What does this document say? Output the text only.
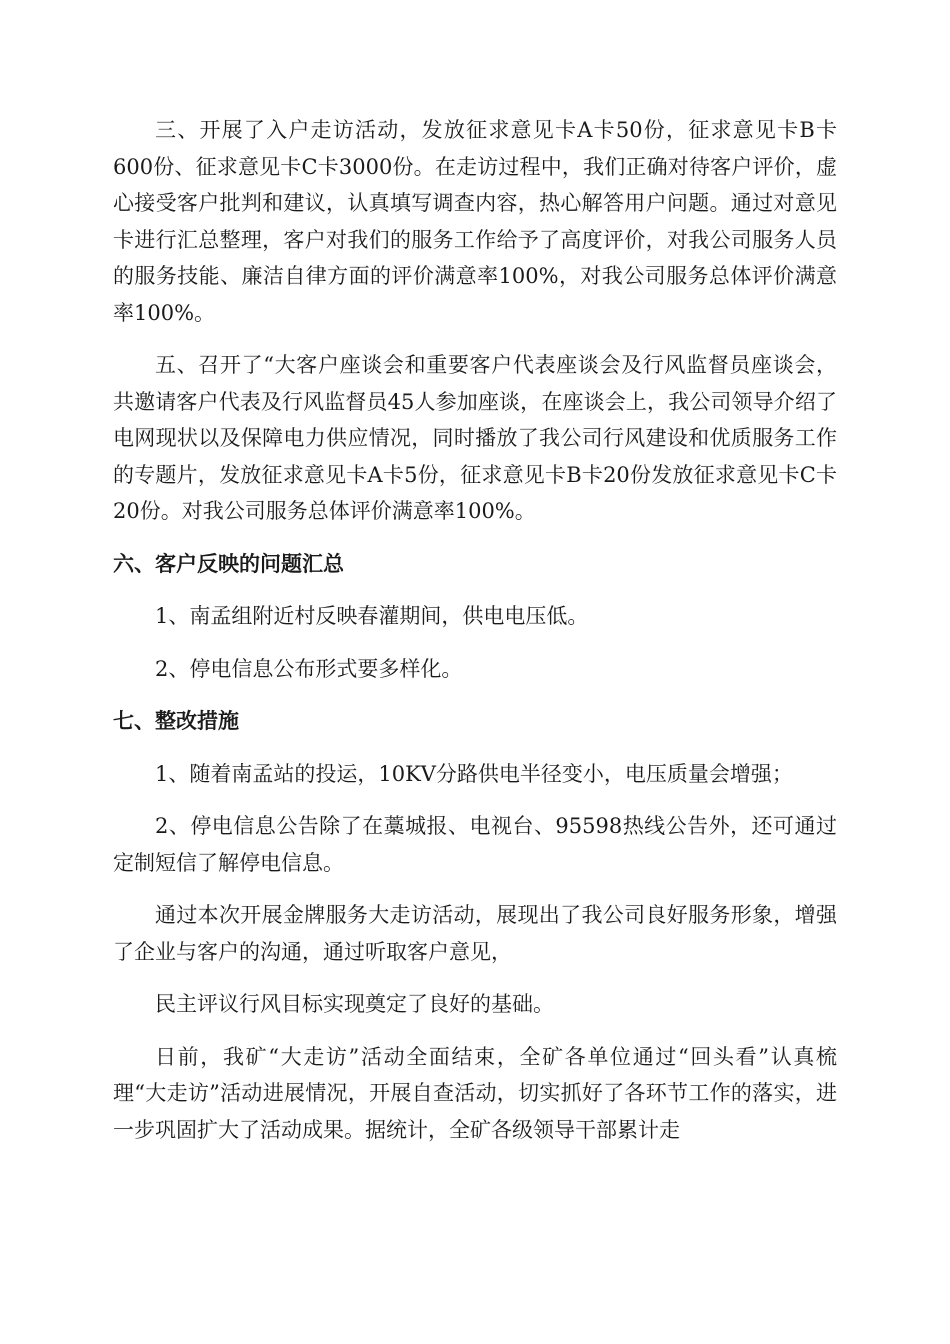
三、开展了入户走访活动，发放征求意见卡A卡50份，征求意见卡B卡600份、征求意见卡C卡3000份。在走访过程中，我们正确对待客户评价，虚心接受客户批判和建议，认真填写调查内容，热心解答用户问题。通过对意见卡进行汇总整理，客户对我们的服务工作给予了高度评价，对我公司服务人员的服务技能、廉洁自律方面的评价满意率100%，对我公司服务总体评价满意率100%。

五、召开了“大客户座谈会和重要客户代表座谈会及行风监督员座谈会，共邀请客户代表及行风监督员45人参加座谈，在座谈会上，我公司领导介绍了电网现状以及保障电力供应情况，同时播放了我公司行风建设和优质服务工作的专题片，发放征求意见卡A卡5份，征求意见卡B卡20份发放征求意见卡C卡20份。对我公司服务总体评价满意率100%。

六、客户反映的问题汇总

1、南孟组附近村反映春灌期间，供电电压低。

2、停电信息公布形式要多样化。

七、整改措施

1、随着南孟站的投运，10KV分路供电半径变小，电压质量会增强；

2、停电信息公告除了在藁城报、电视台、95598热线公告外，还可通过定制短信了解停电信息。

通过本次开展金牌服务大走访活动，展现出了我公司良好服务形象，增强了企业与客户的沟通，通过听取客户意见，

民主评议行风目标实现奠定了良好的基础。

日前，我矿“大走访”活动全面结束，全矿各单位通过“回头看”认真梳理“大走访”活动进展情况，开展自查活动，切实抓好了各环节工作的落实，进一步巩固扩大了活动成果。据统计，全矿各级领导干部累计走
